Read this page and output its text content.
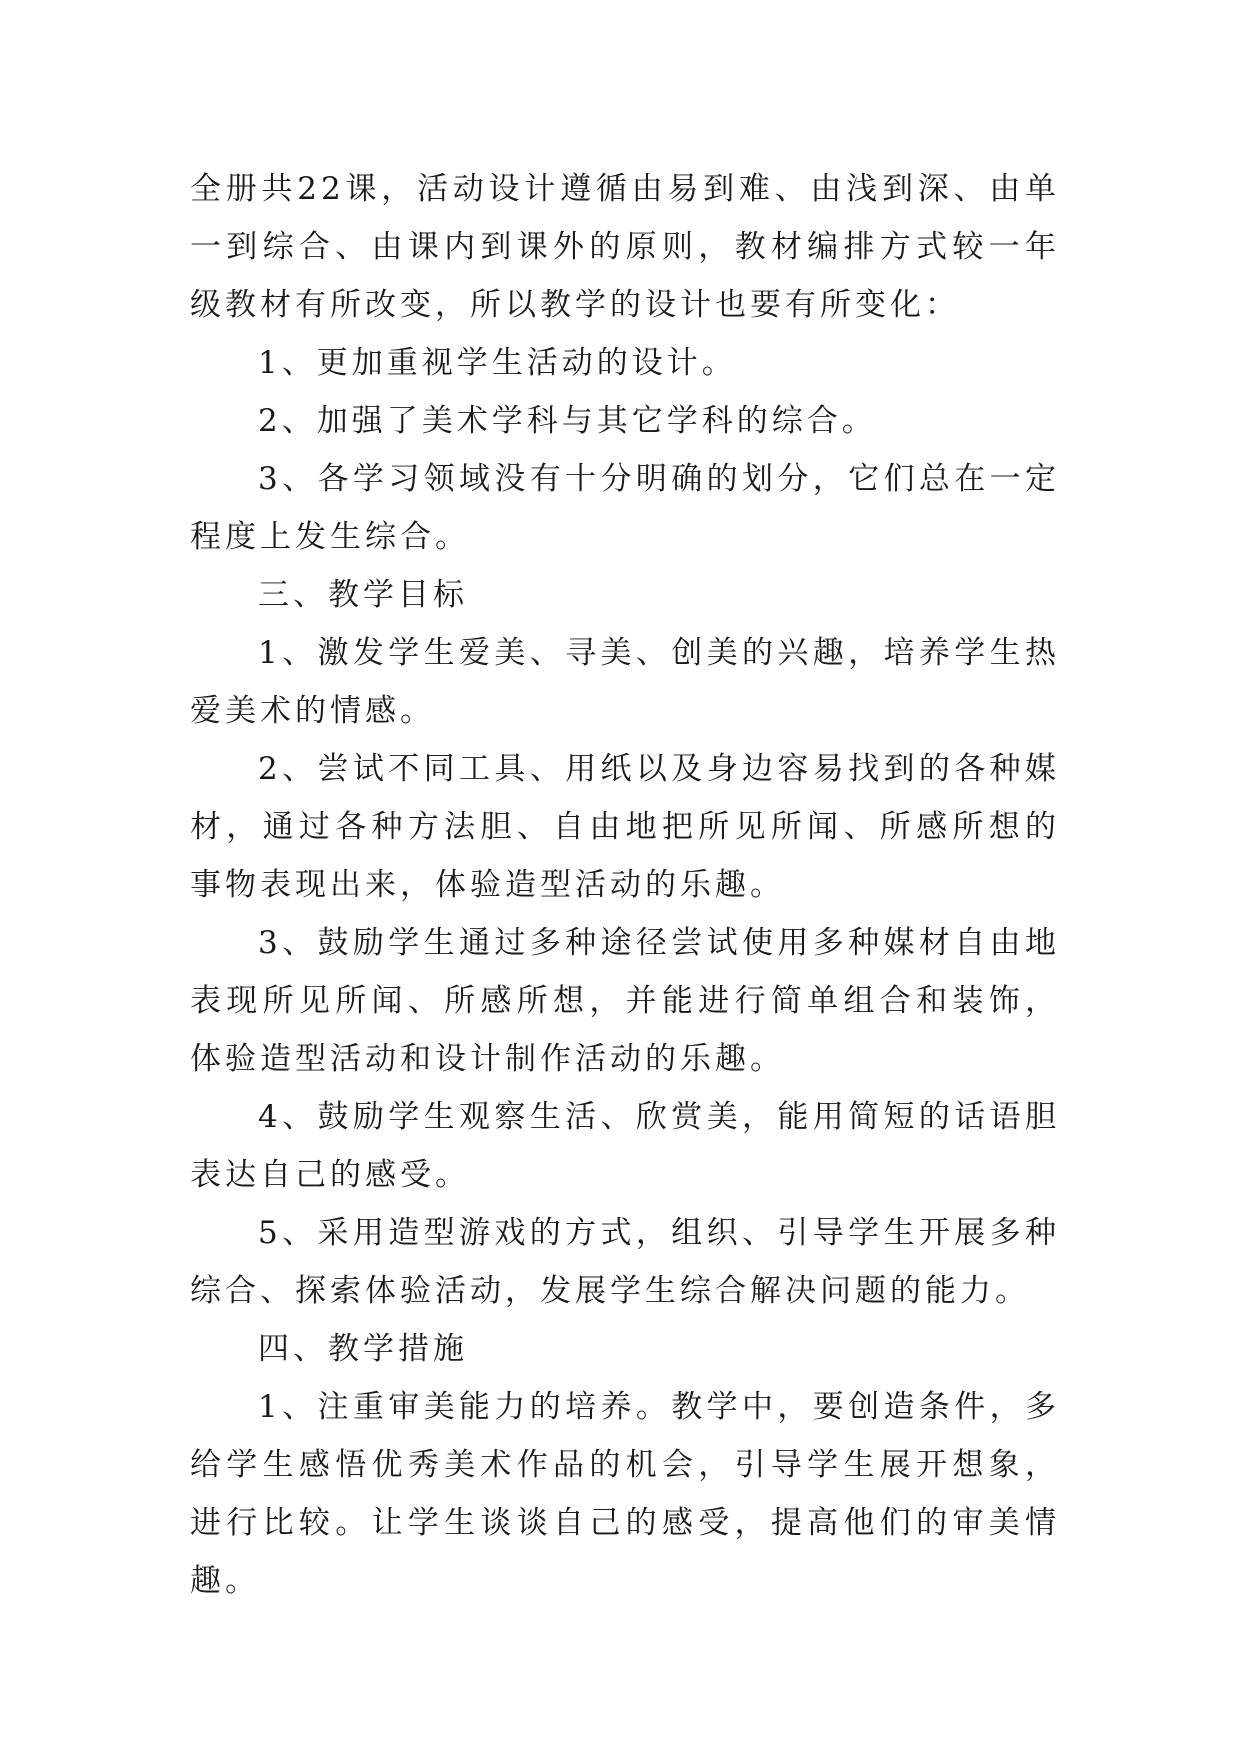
全册共22课，活动设计遵循由易到难、由浅到深、由单一到综合、由课内到课外的原则，教材编排方式较一年级教材有所改变，所以教学的设计也要有所变化：

1、更加重视学生活动的设计。

2、加强了美术学科与其它学科的综合。

3、各学习领域没有十分明确的划分，它们总在一定程度上发生综合。

三、教学目标

1、激发学生爱美、寻美、创美的兴趣，培养学生热爱美术的情感。

2、尝试不同工具、用纸以及身边容易找到的各种媒材，通过各种方法胆、自由地把所见所闻、所感所想的事物表现出来，体验造型活动的乐趣。

3、鼓励学生通过多种途径尝试使用多种媒材自由地表现所见所闻、所感所想，并能进行简单组合和装饰，体验造型活动和设计制作活动的乐趣。

4、鼓励学生观察生活、欣赏美，能用简短的话语胆表达自己的感受。

5、采用造型游戏的方式，组织、引导学生开展多种综合、探索体验活动，发展学生综合解决问题的能力。

四、教学措施

1、注重审美能力的培养。教学中，要创造条件，多给学生感悟优秀美术作品的机会，引导学生展开想象，进行比较。让学生谈谈自己的感受，提高他们的审美情趣。
